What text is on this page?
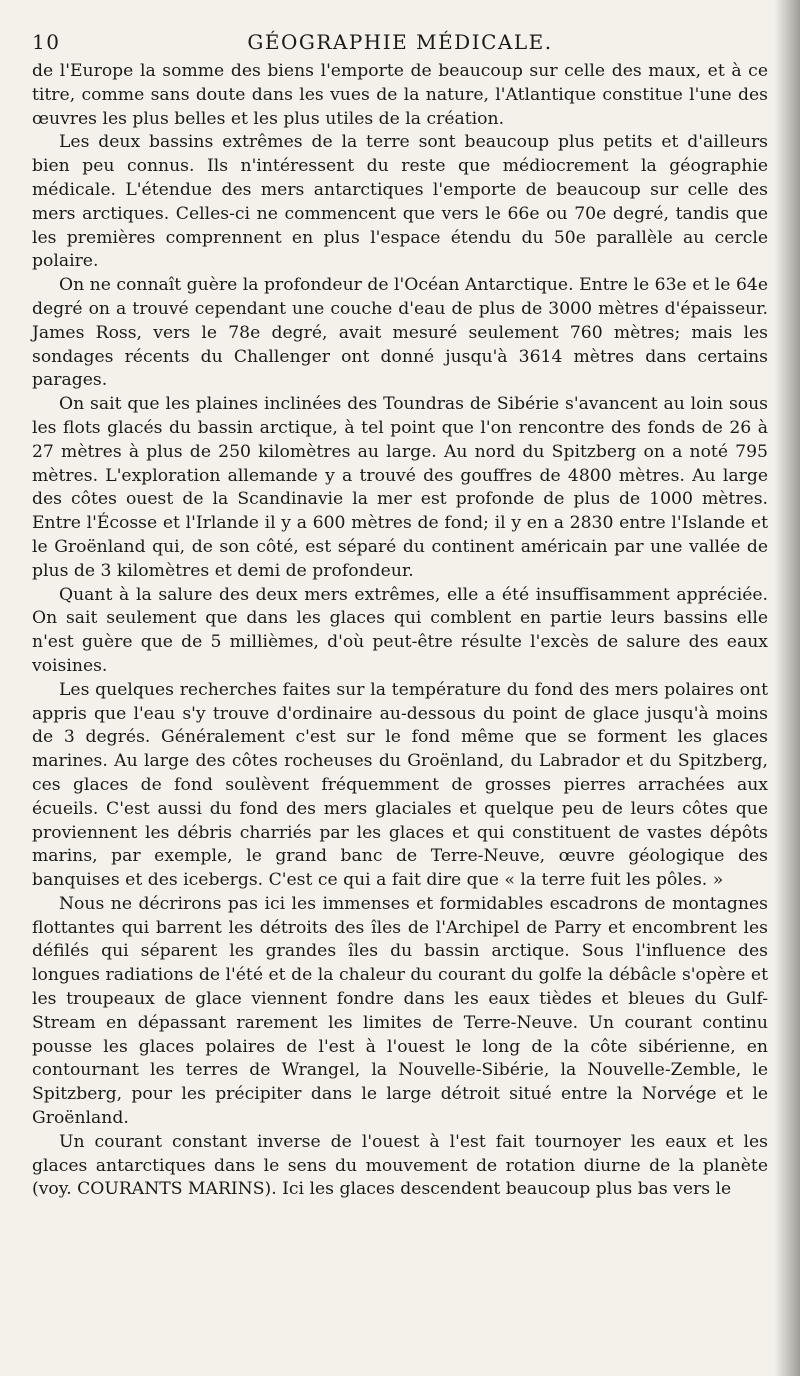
10	GÉOGRAPHIE MÉDICALE.

de l'Europe la somme des biens l'emporte de beaucoup sur celle des maux, et à ce titre, comme sans doute dans les vues de la nature, l'Atlantique constitue l'une des œuvres les plus belles et les plus utiles de la création.

Les deux bassins extrêmes de la terre sont beaucoup plus petits et d'ailleurs bien peu connus. Ils n'intéressent du reste que médiocrement la géographie médicale. L'étendue des mers antarctiques l'emporte de beaucoup sur celle des mers arctiques. Celles-ci ne commencent que vers le 66e ou 70e degré, tandis que les premières comprennent en plus l'espace étendu du 50e parallèle au cercle polaire.

On ne connaît guère la profondeur de l'Océan Antarctique. Entre le 63e et le 64e degré on a trouvé cependant une couche d'eau de plus de 3000 mètres d'épaisseur. James Ross, vers le 78e degré, avait mesuré seulement 760 mètres; mais les sondages récents du Challenger ont donné jusqu'à 3614 mètres dans certains parages.

On sait que les plaines inclinées des Toundras de Sibérie s'avancent au loin sous les flots glacés du bassin arctique, à tel point que l'on rencontre des fonds de 26 à 27 mètres à plus de 250 kilomètres au large. Au nord du Spitzberg on a noté 795 mètres. L'exploration allemande y a trouvé des gouffres de 4800 mètres. Au large des côtes ouest de la Scandinavie la mer est profonde de plus de 1000 mètres. Entre l'Écosse et l'Irlande il y a 600 mètres de fond; il y en a 2830 entre l'Islande et le Groënland qui, de son côté, est séparé du continent américain par une vallée de plus de 3 kilomètres et demi de profondeur.

Quant à la salure des deux mers extrêmes, elle a été insuffisamment appréciée. On sait seulement que dans les glaces qui comblent en partie leurs bassins elle n'est guère que de 5 millièmes, d'où peut-être résulte l'excès de salure des eaux voisines.

Les quelques recherches faites sur la température du fond des mers polaires ont appris que l'eau s'y trouve d'ordinaire au-dessous du point de glace jusqu'à moins de 3 degrés. Généralement c'est sur le fond même que se forment les glaces marines. Au large des côtes rocheuses du Groënland, du Labrador et du Spitzberg, ces glaces de fond soulèvent fréquemment de grosses pierres arrachées aux écueils. C'est aussi du fond des mers glaciales et quelque peu de leurs côtes que proviennent les débris charriés par les glaces et qui constituent de vastes dépôts marins, par exemple, le grand banc de Terre-Neuve, œuvre géologique des banquises et des icebergs. C'est ce qui a fait dire que « la terre fuit les pôles. »

Nous ne décrirons pas ici les immenses et formidables escadrons de montagnes flottantes qui barrent les détroits des îles de l'Archipel de Parry et encombrent les défilés qui séparent les grandes îles du bassin arctique. Sous l'influence des longues radiations de l'été et de la chaleur du courant du golfe la débâcle s'opère et les troupeaux de glace viennent fondre dans les eaux tièdes et bleues du Gulf-Stream en dépassant rarement les limites de Terre-Neuve. Un courant continu pousse les glaces polaires de l'est à l'ouest le long de la côte sibérienne, en contournant les terres de Wrangel, la Nouvelle-Sibérie, la Nouvelle-Zemble, le Spitzberg, pour les précipiter dans le large détroit situé entre la Norvége et le Groënland.

Un courant constant inverse de l'ouest à l'est fait tournoyer les eaux et les glaces antarctiques dans le sens du mouvement de rotation diurne de la planète (voy. COURANTS MARINS). Ici les glaces descendent beaucoup plus bas vers le
